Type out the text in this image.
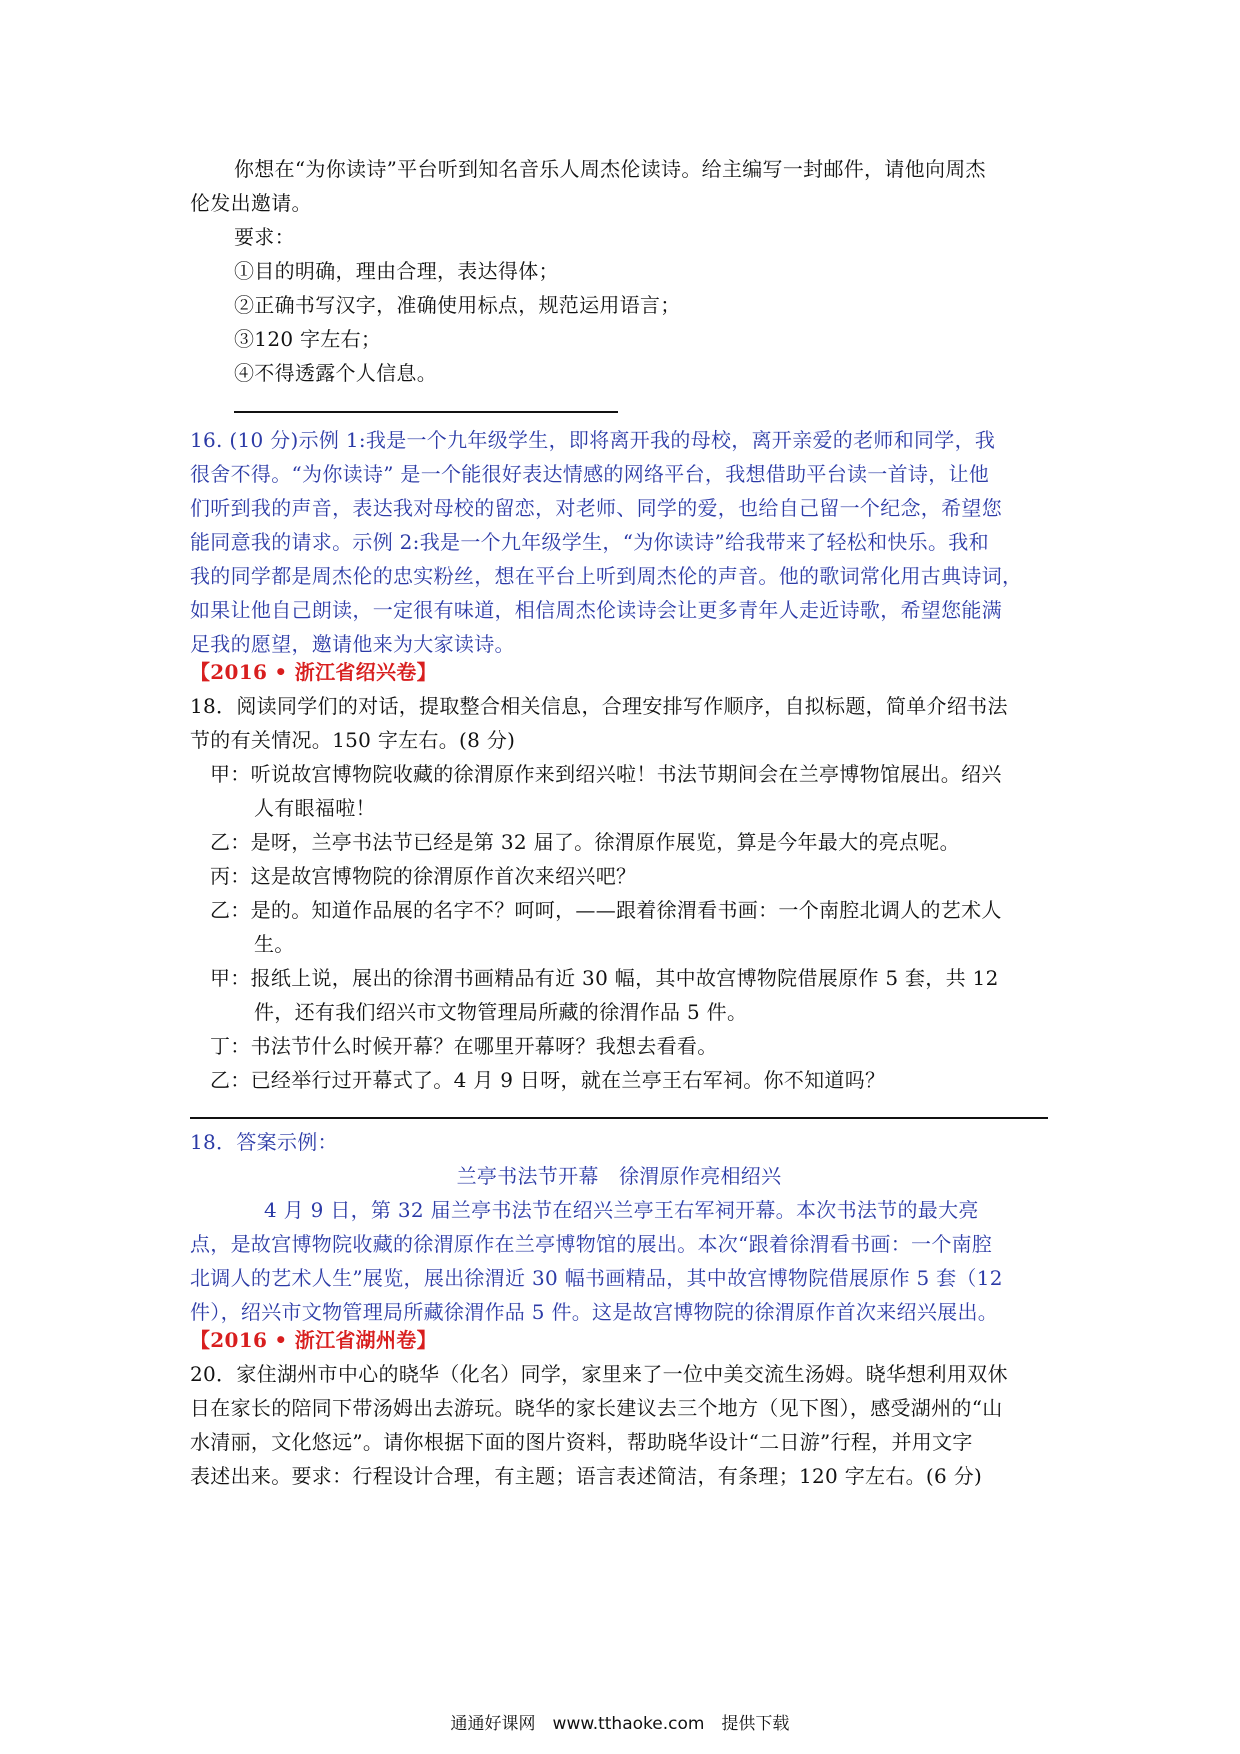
你想在“为你读诗”平台听到知名音乐人周杰伦读诗。给主编写一封邮件，请他向周杰
伦发出邀请。
要求：
①目的明确，理由合理，表达得体；
②正确书写汉字，准确使用标点，规范运用语言；
③120 字左右；
④不得透露个人信息。
16. (10 分)示例 1:我是一个九年级学生，即将离开我的母校，离开亲爱的老师和同学，我
很舍不得。“为你读诗” 是一个能很好表达情感的网络平台，我想借助平台读一首诗，让他
们听到我的声音，表达我对母校的留恋，对老师、同学的爱，也给自己留一个纪念，希望您
能同意我的请求。示例 2:我是一个九年级学生，“为你读诗”给我带来了轻松和快乐。我和
我的同学都是周杰伦的忠实粉丝，想在平台上听到周杰伦的声音。他的歌词常化用古典诗词，
如果让他自己朗读，一定很有味道，相信周杰伦读诗会让更多青年人走近诗歌，希望您能满
足我的愿望，邀请他来为大家读诗。
【2016 • 浙江省绍兴卷】
18．阅读同学们的对话，提取整合相关信息，合理安排写作顺序，自拟标题，简单介绍书法
节的有关情况。150 字左右。(8 分)
甲：听说故宫博物院收藏的徐渭原作来到绍兴啦！书法节期间会在兰亭博物馆展出。绍兴
人有眼福啦！
乙：是呀，兰亭书法节已经是第 32 届了。徐渭原作展览，算是今年最大的亮点呢。
丙：这是故宫博物院的徐渭原作首次来绍兴吧？
乙：是的。知道作品展的名字不？呵呵，——跟着徐渭看书画：一个南腔北调人的艺术人
生。
甲：报纸上说，展出的徐渭书画精品有近 30 幅，其中故宫博物院借展原作 5 套，共 12
件，还有我们绍兴市文物管理局所藏的徐渭作品 5 件。
丁：书法节什么时候开幕？在哪里开幕呀？我想去看看。
乙：已经举行过开幕式了。4 月 9 日呀，就在兰亭王右军祠。你不知道吗？
18．答案示例：
兰亭书法节开幕　徐渭原作亮相绍兴
4 月 9 日，第 32 届兰亭书法节在绍兴兰亭王右军祠开幕。本次书法节的最大亮
点，是故宫博物院收藏的徐渭原作在兰亭博物馆的展出。本次“跟着徐渭看书画：一个南腔
北调人的艺术人生”展览，展出徐渭近 30 幅书画精品，其中故宫博物院借展原作 5 套（12
件），绍兴市文物管理局所藏徐渭作品 5 件。这是故宫博物院的徐渭原作首次来绍兴展出。
【2016 • 浙江省湖州卷】
20．家住湖州市中心的晓华（化名）同学，家里来了一位中美交流生汤姆。晓华想利用双休
日在家长的陪同下带汤姆出去游玩。晓华的家长建议去三个地方（见下图），感受湖州的“山
水清丽，文化悠远”。请你根据下面的图片资料，帮助晓华设计“二日游”行程，并用文字
表述出来。要求：行程设计合理，有主题；语言表述简洁，有条理；120 字左右。(6 分)
通通好课网　www.tthaoke.com　提供下载
